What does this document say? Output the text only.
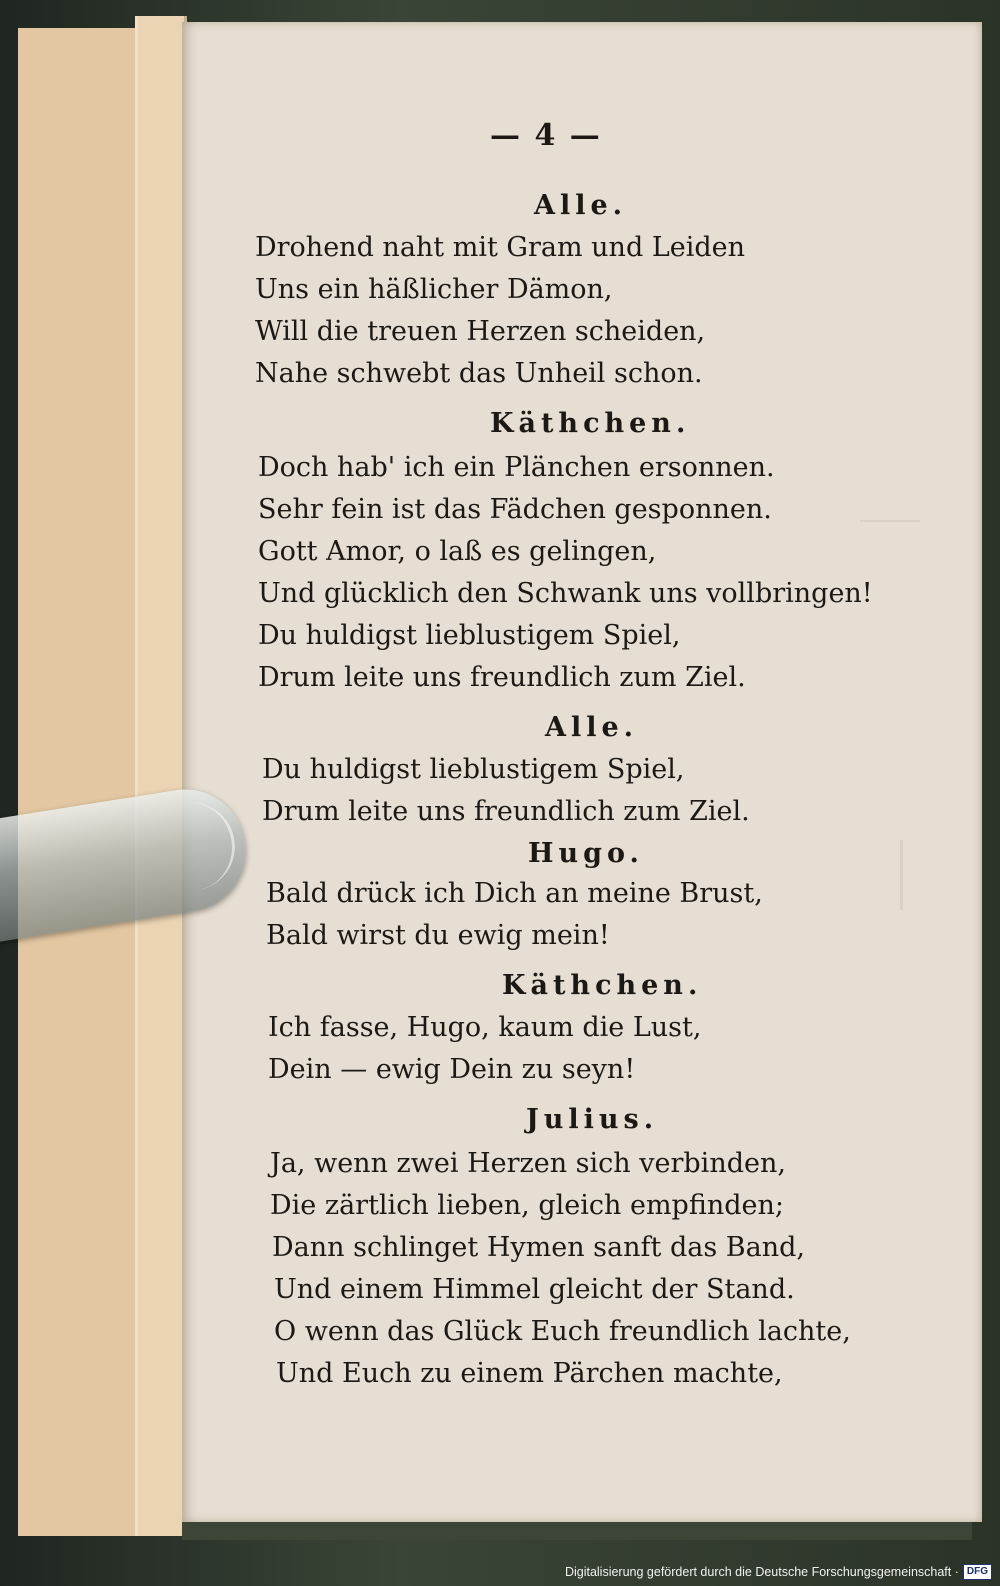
— 4 —
Alle.
Drohend naht mit Gram und Leiden
Uns ein häßlicher Dämon,
Will die treuen Herzen scheiden,
Nahe schwebt das Unheil schon.
Käthchen.
Doch hab' ich ein Plänchen ersonnen.
Sehr fein ist das Fädchen gesponnen.
Gott Amor, o laß es gelingen,
Und glücklich den Schwank uns vollbringen!
Du huldigst lieblustigem Spiel,
Drum leite uns freundlich zum Ziel.
Alle.
Du huldigst lieblustigem Spiel,
Drum leite uns freundlich zum Ziel.
Hugo.
Bald drück ich Dich an meine Brust,
Bald wirst du ewig mein!
Käthchen.
Ich fasse, Hugo, kaum die Lust,
Dein — ewig Dein zu seyn!
Julius.
Ja, wenn zwei Herzen sich verbinden,
Die zärtlich lieben, gleich empfinden;
Dann schlinget Hymen sanft das Band,
Und einem Himmel gleicht der Stand.
O wenn das Glück Euch freundlich lachte,
Und Euch zu einem Pärchen machte,
Digitalisierung gefördert durch die Deutsche Forschungsgemeinschaft · DFG
